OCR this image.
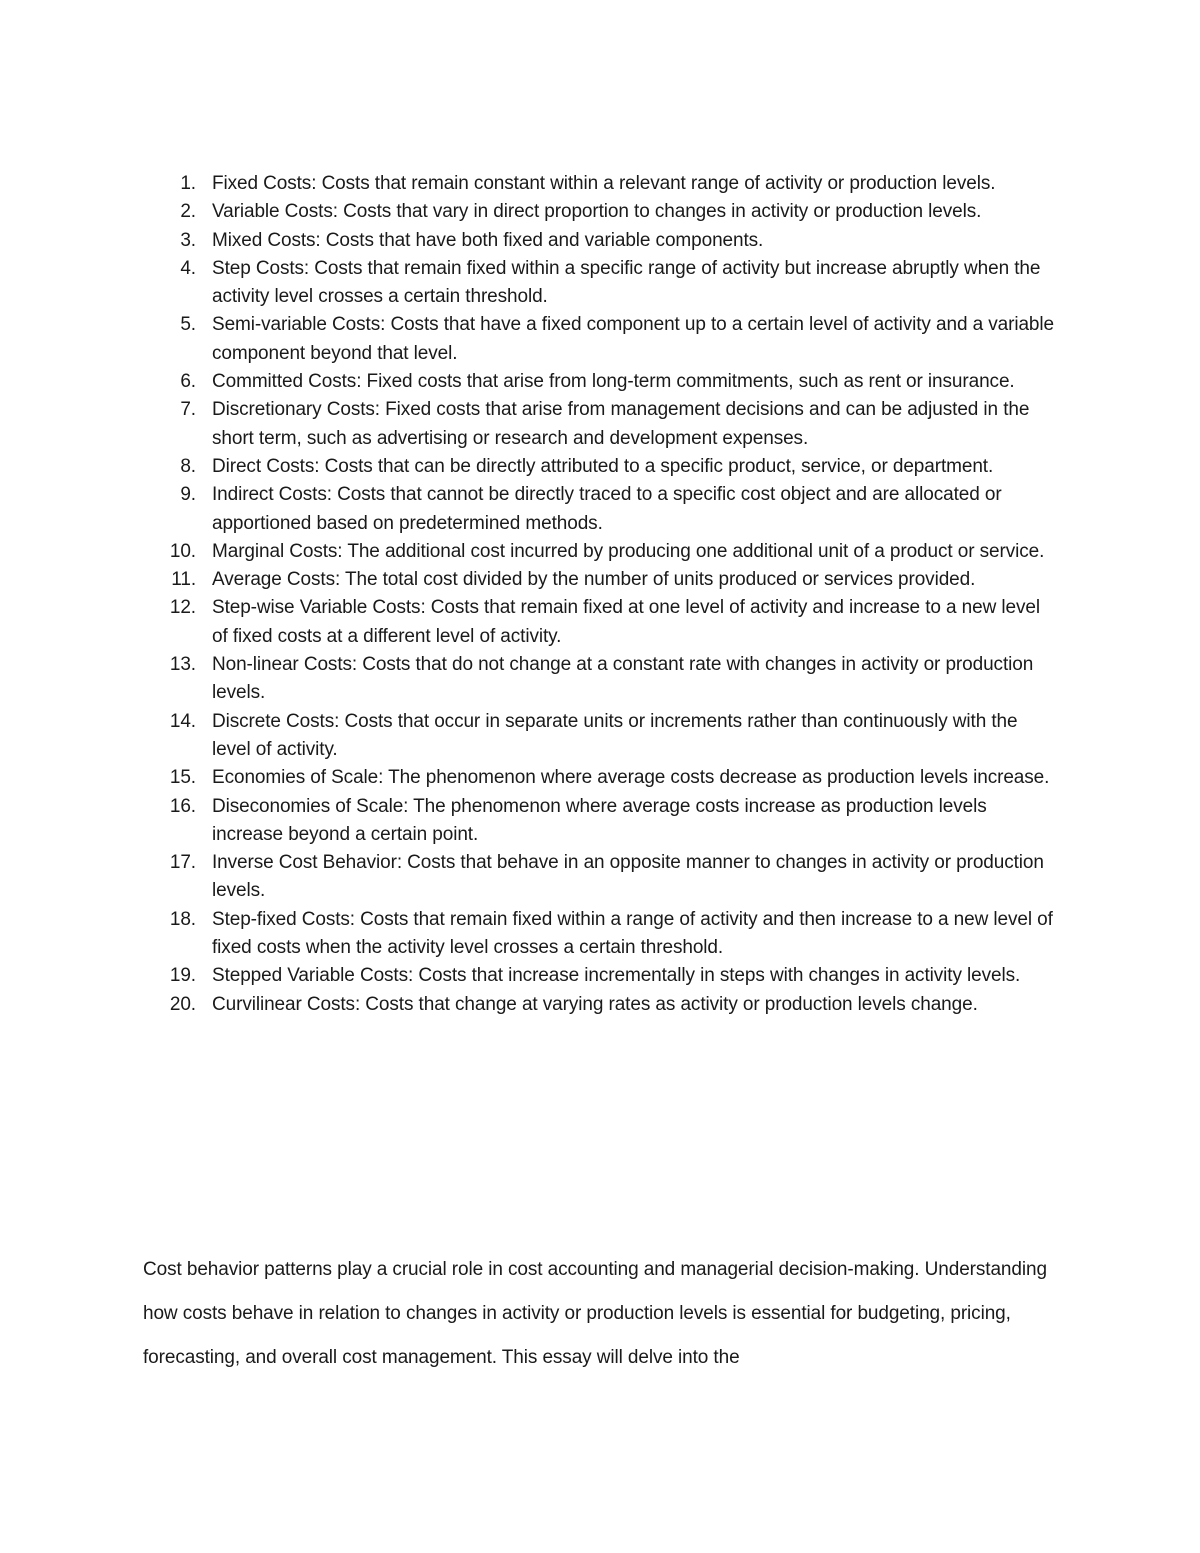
1. Fixed Costs: Costs that remain constant within a relevant range of activity or production levels.
2. Variable Costs: Costs that vary in direct proportion to changes in activity or production levels.
3. Mixed Costs: Costs that have both fixed and variable components.
4. Step Costs: Costs that remain fixed within a specific range of activity but increase abruptly when the activity level crosses a certain threshold.
5. Semi-variable Costs: Costs that have a fixed component up to a certain level of activity and a variable component beyond that level.
6. Committed Costs: Fixed costs that arise from long-term commitments, such as rent or insurance.
7. Discretionary Costs: Fixed costs that arise from management decisions and can be adjusted in the short term, such as advertising or research and development expenses.
8. Direct Costs: Costs that can be directly attributed to a specific product, service, or department.
9. Indirect Costs: Costs that cannot be directly traced to a specific cost object and are allocated or apportioned based on predetermined methods.
10. Marginal Costs: The additional cost incurred by producing one additional unit of a product or service.
11. Average Costs: The total cost divided by the number of units produced or services provided.
12. Step-wise Variable Costs: Costs that remain fixed at one level of activity and increase to a new level of fixed costs at a different level of activity.
13. Non-linear Costs: Costs that do not change at a constant rate with changes in activity or production levels.
14. Discrete Costs: Costs that occur in separate units or increments rather than continuously with the level of activity.
15. Economies of Scale: The phenomenon where average costs decrease as production levels increase.
16. Diseconomies of Scale: The phenomenon where average costs increase as production levels increase beyond a certain point.
17. Inverse Cost Behavior: Costs that behave in an opposite manner to changes in activity or production levels.
18. Step-fixed Costs: Costs that remain fixed within a range of activity and then increase to a new level of fixed costs when the activity level crosses a certain threshold.
19. Stepped Variable Costs: Costs that increase incrementally in steps with changes in activity levels.
20. Curvilinear Costs: Costs that change at varying rates as activity or production levels change.

Cost behavior patterns play a crucial role in cost accounting and managerial decision-making. Understanding how costs behave in relation to changes in activity or production levels is essential for budgeting, pricing, forecasting, and overall cost management. This essay will delve into the
